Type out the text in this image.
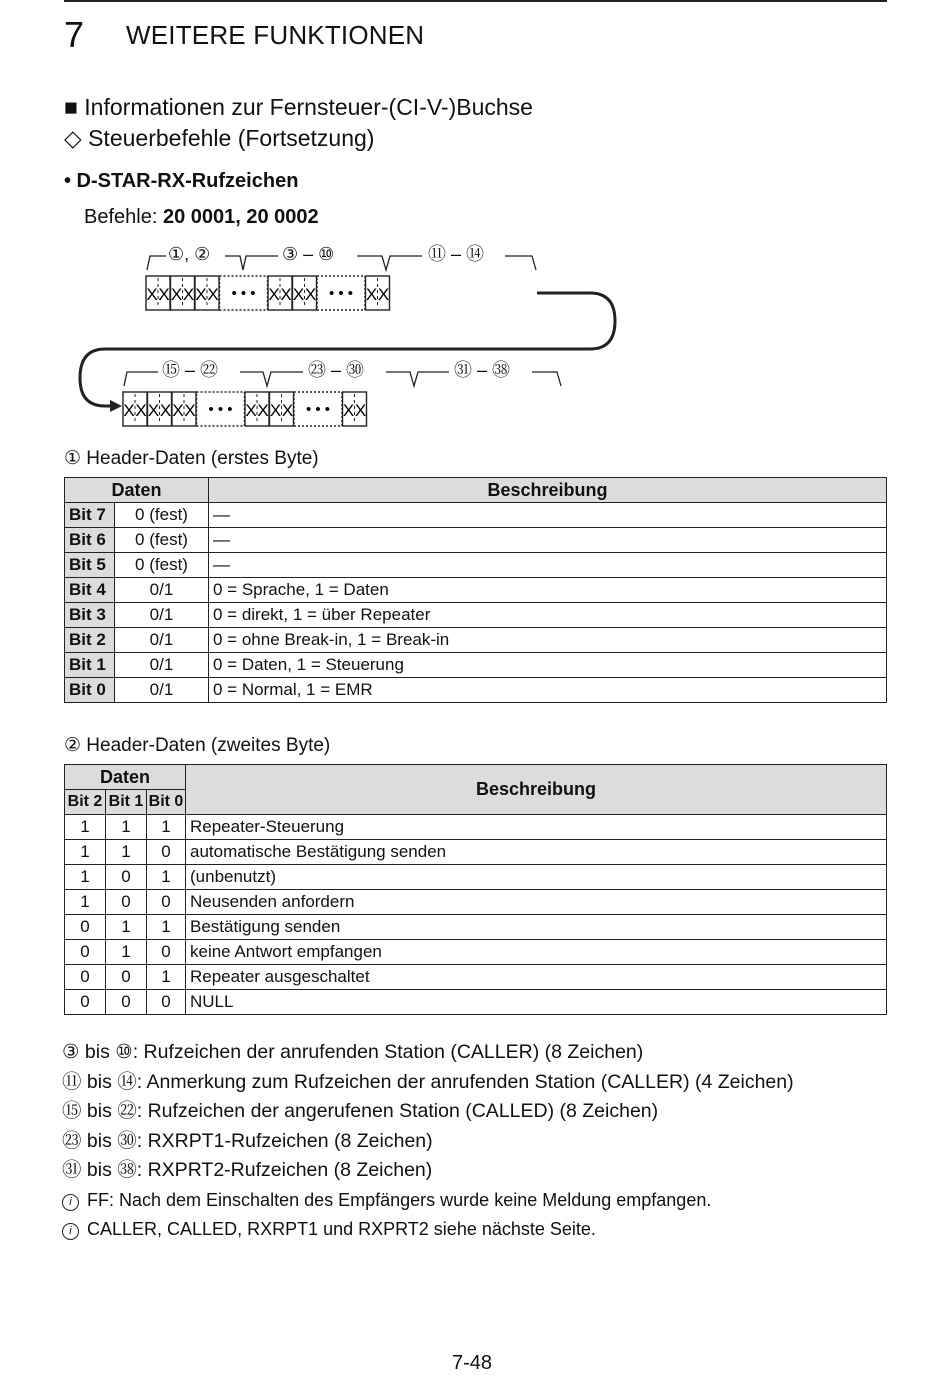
7 WEITERE FUNKTIONEN
■ Informationen zur Fernsteuer-(CI-V-)Buchse
◇ Steuerbefehle (Fortsetzung)
• D-STAR-RX-Rufzeichen
Befehle: 20 0001, 20 0002
①, ②	③ – ⑩	⑪ – ⑭
⑮ – ㉒	㉓ – ㉚	㉛ – ㊳
X X X X X X • • • X X X X • • • X X
X X X X X X • • • X X X X • • • X X
① Header-Daten (erstes Byte)
Daten		Beschreibung
Bit 7	0 (fest)	—
Bit 6	0 (fest)	—
Bit 5	0 (fest)	—
Bit 4	0/1	0 = Sprache, 1 = Daten
Bit 3	0/1	0 = direkt, 1 = über Repeater
Bit 2	0/1	0 = ohne Break-in, 1 = Break-in
Bit 1	0/1	0 = Daten, 1 = Steuerung
Bit 0	0/1	0 = Normal, 1 = EMR
② Header-Daten (zweites Byte)
Daten			Beschreibung
Bit 2	Bit 1	Bit 0	
1	1	1	Repeater-Steuerung
1	1	0	automatische Bestätigung senden
1	0	1	(unbenutzt)
1	0	0	Neusenden anfordern
0	1	1	Bestätigung senden
0	1	0	keine Antwort empfangen
0	0	1	Repeater ausgeschaltet
0	0	0	NULL
③ bis ⑩: Rufzeichen der anrufenden Station (CALLER) (8 Zeichen)
⑪ bis ⑭: Anmerkung zum Rufzeichen der anrufenden Station (CALLER) (4 Zeichen)
⑮ bis ㉒: Rufzeichen der angerufenen Station (CALLED) (8 Zeichen)
㉓ bis ㉚: RXRPT1-Rufzeichen (8 Zeichen)
㉛ bis ㊳: RXPRT2-Rufzeichen (8 Zeichen)
i FF: Nach dem Einschalten des Empfängers wurde keine Meldung empfangen.
i CALLER, CALLED, RXRPT1 und RXPRT2 siehe nächste Seite.
7-48
